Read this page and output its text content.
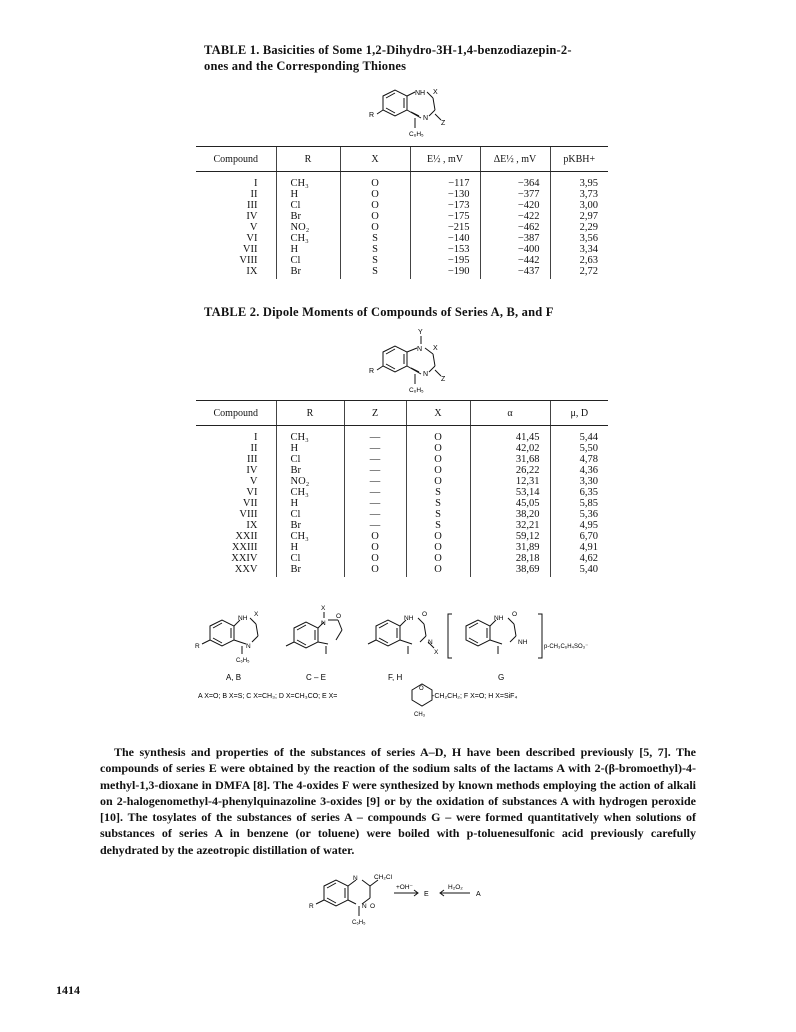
TABLE 1. Basicities of Some 1,2-Dihydro-3H-1,4-benzodiazepin-2-
ones and the Corresponding Thiones
NH X
R	N
Z
C₆H₅
Compound	R	X	E½ , mV	ΔE½ , mV	pKBH+
I	CH₃	O	−117	−364	3,95
II	H	O	−130	−377	3,73
III	Cl	O	−173	−420	3,00
IV	Br	O	−175	−422	2,97
V	NO₂	O	−215	−462	2,29
VI	CH₃	S	−140	−387	3,56
VII	H	S	−153	−400	3,34
VIII	Cl	S	−195	−442	2,63
IX	Br	S	−190	−437	2,72
TABLE 2. Dipole Moments of Compounds of Series A, B, and F
Y
N X
R	N
Z
C₆H₅
Compound	R	Z	X	α	μ, D
I	CH₃	—	O	41,45	5,44
II	H	—	O	42,02	5,50
III	Cl	—	O	31,68	4,78
IV	Br	—	O	26,22	4,36
V	NO₂	—	O	12,31	3,30
VI	CH₃	—	S	53,14	6,35
VII	H	—	S	45,05	5,85
VIII	Cl	—	S	38,20	5,36
IX	Br	—	S	32,21	4,95
XXII	CH₃	O	O	59,12	6,70
XXIII	H	O	O	31,89	4,91
XXIV	Cl	O	O	28,18	4,62
XXV	Br	O	O	38,69	5,40
NH
X
R	N
C₆H₅
X
N
O	NH
O
N
X
NH
O
NH
p-CH₃C₆H₄SO₃⁻
A, B	C – E	F, H	G
A X=O; B X=S; C X=CH₃; D X=CH₃CO; E X=	-CH₂CH₂; F X=O; H X=SiF₄
O
CH₃
The synthesis and properties of the substances of series A–D, H have been described previously [5, 7]. The compounds of series E were obtained by the reaction of the sodium salts of the lactams A with 2-(β-bromoethyl)-4-methyl-1,3-dioxane in DMFA [8]. The 4-oxides F were synthesized by known methods employing the action of alkali on 2-halogenomethyl-4-phenylquinazoline 3-oxides [9] or by the oxidation of substances A with hydrogen peroxide [10]. The tosylates of the substances of series A – compounds G – were formed quantitatively when solutions of substances of series A in benzene (or toluene) were boiled with p-toluenesulfonic acid previously carefully dehydrated by the azeotropic distillation of water.
N	CH₂Cl
N O
R
C₆H₅
+OH⁻
E
H₂O₂
A
1414
